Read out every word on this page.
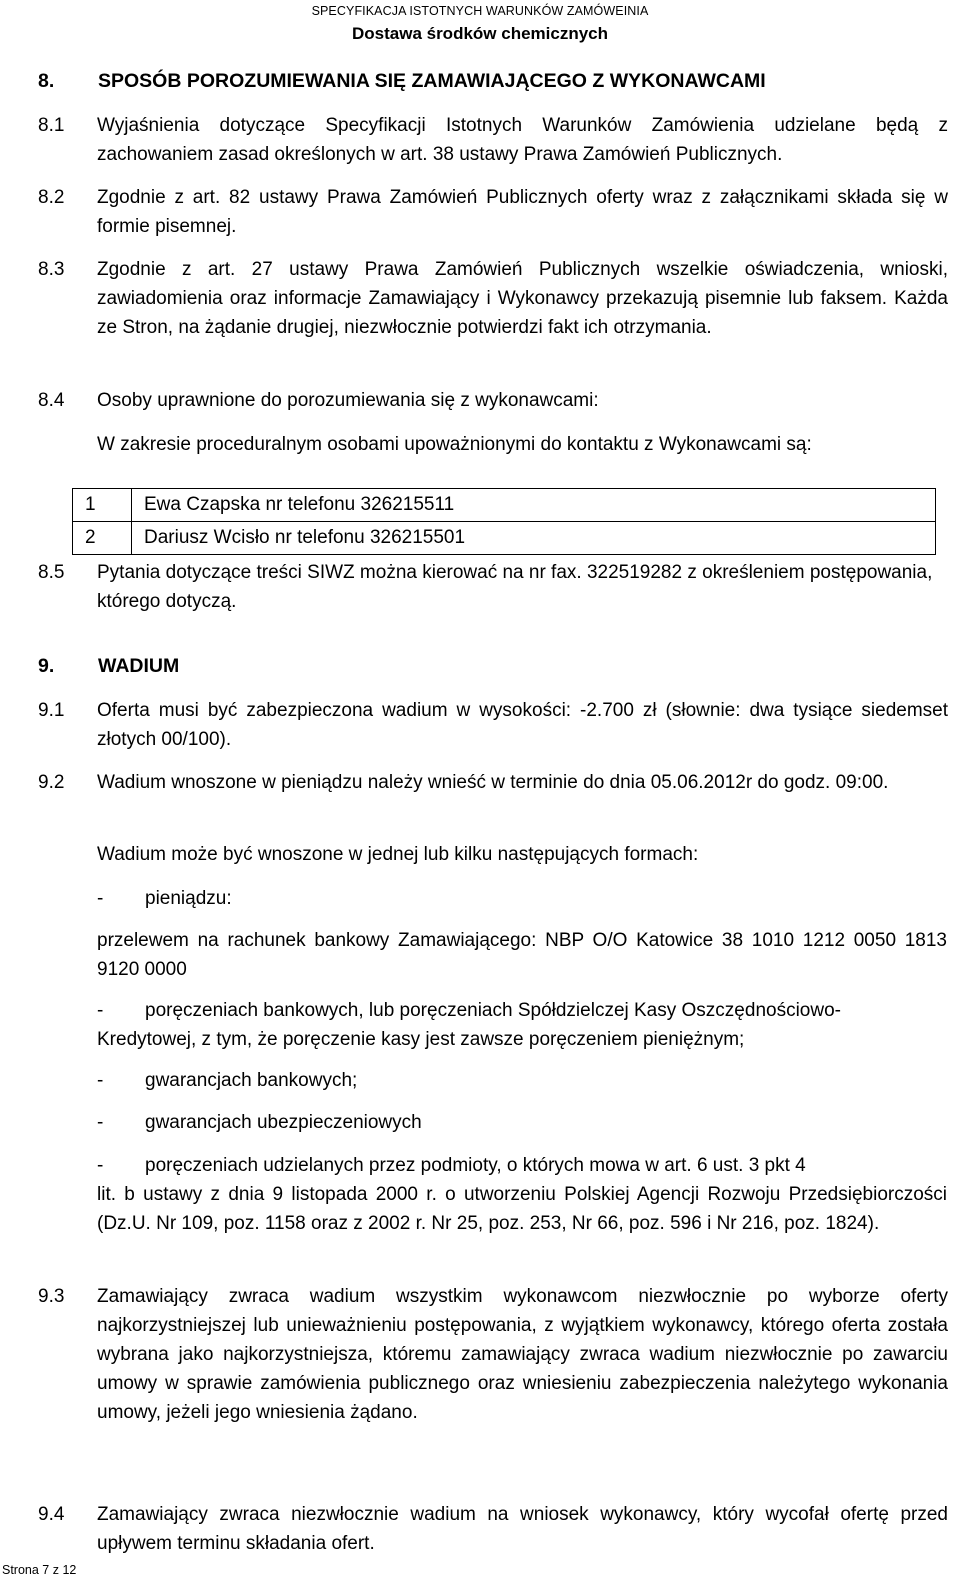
SPECYFIKACJA ISTOTNYCH WARUNKÓW ZAMÓWEINIA
Dostawa środków chemicznych
8. SPOSÓB POROZUMIEWANIA SIĘ ZAMAWIAJĄCEGO Z WYKONAWCAMI
8.1 Wyjaśnienia dotyczące Specyfikacji Istotnych Warunków Zamówienia udzielane będą z zachowaniem zasad określonych w art. 38 ustawy Prawa Zamówień Publicznych.
8.2 Zgodnie z art. 82 ustawy Prawa Zamówień Publicznych oferty wraz z załącznikami składa się w formie pisemnej.
8.3 Zgodnie z art. 27 ustawy Prawa Zamówień Publicznych wszelkie oświadczenia, wnioski, zawiadomienia oraz informacje Zamawiający i Wykonawcy przekazują pisemnie lub faksem. Każda ze Stron, na żądanie drugiej, niezwłocznie potwierdzi fakt ich otrzymania.
8.4 Osoby uprawnione do porozumiewania się z wykonawcami:
W zakresie proceduralnym osobami upoważnionymi do kontaktu z Wykonawcami są:
1	Ewa Czapska nr telefonu 326215511
2	Dariusz Wcisło nr telefonu 326215501
8.5 Pytania dotyczące treści SIWZ można kierować na nr fax. 322519282 z określeniem postępowania, którego dotyczą.
9. WADIUM
9.1 Oferta musi być zabezpieczona wadium w wysokości: -2.700 zł (słownie: dwa tysiące siedemset złotych 00/100).
9.2 Wadium wnoszone w pieniądzu należy wnieść w terminie do dnia 05.06.2012r do godz. 09:00.
Wadium może być wnoszone w jednej lub kilku następujących formach:
- pieniądzu:
przelewem na rachunek bankowy Zamawiającego: NBP O/O Katowice 38 1010 1212 0050 1813 9120 0000
- poręczeniach bankowych, lub poręczeniach Spółdzielczej Kasy Oszczędnościowo-
Kredytowej, z tym, że poręczenie kasy jest zawsze poręczeniem pieniężnym;
- gwarancjach bankowych;
- gwarancjach ubezpieczeniowych
- poręczeniach udzielanych przez podmioty, o których mowa w art. 6 ust. 3 pkt 4
lit. b ustawy z dnia 9 listopada 2000 r. o utworzeniu Polskiej Agencji Rozwoju Przedsiębiorczości (Dz.U. Nr 109, poz. 1158 oraz z 2002 r. Nr 25, poz. 253, Nr 66, poz. 596 i Nr 216, poz. 1824).
9.3 Zamawiający zwraca wadium wszystkim wykonawcom niezwłocznie po wyborze oferty najkorzystniejszej lub unieważnieniu postępowania, z wyjątkiem wykonawcy, którego oferta została wybrana jako najkorzystniejsza, któremu zamawiający zwraca wadium niezwłocznie po zawarciu umowy w sprawie zamówienia publicznego oraz wniesieniu zabezpieczenia należytego wykonania umowy, jeżeli jego wniesienia żądano.
9.4 Zamawiający zwraca niezwłocznie wadium na wniosek wykonawcy, który wycofał ofertę przed upływem terminu składania ofert.
Strona 7 z 12
